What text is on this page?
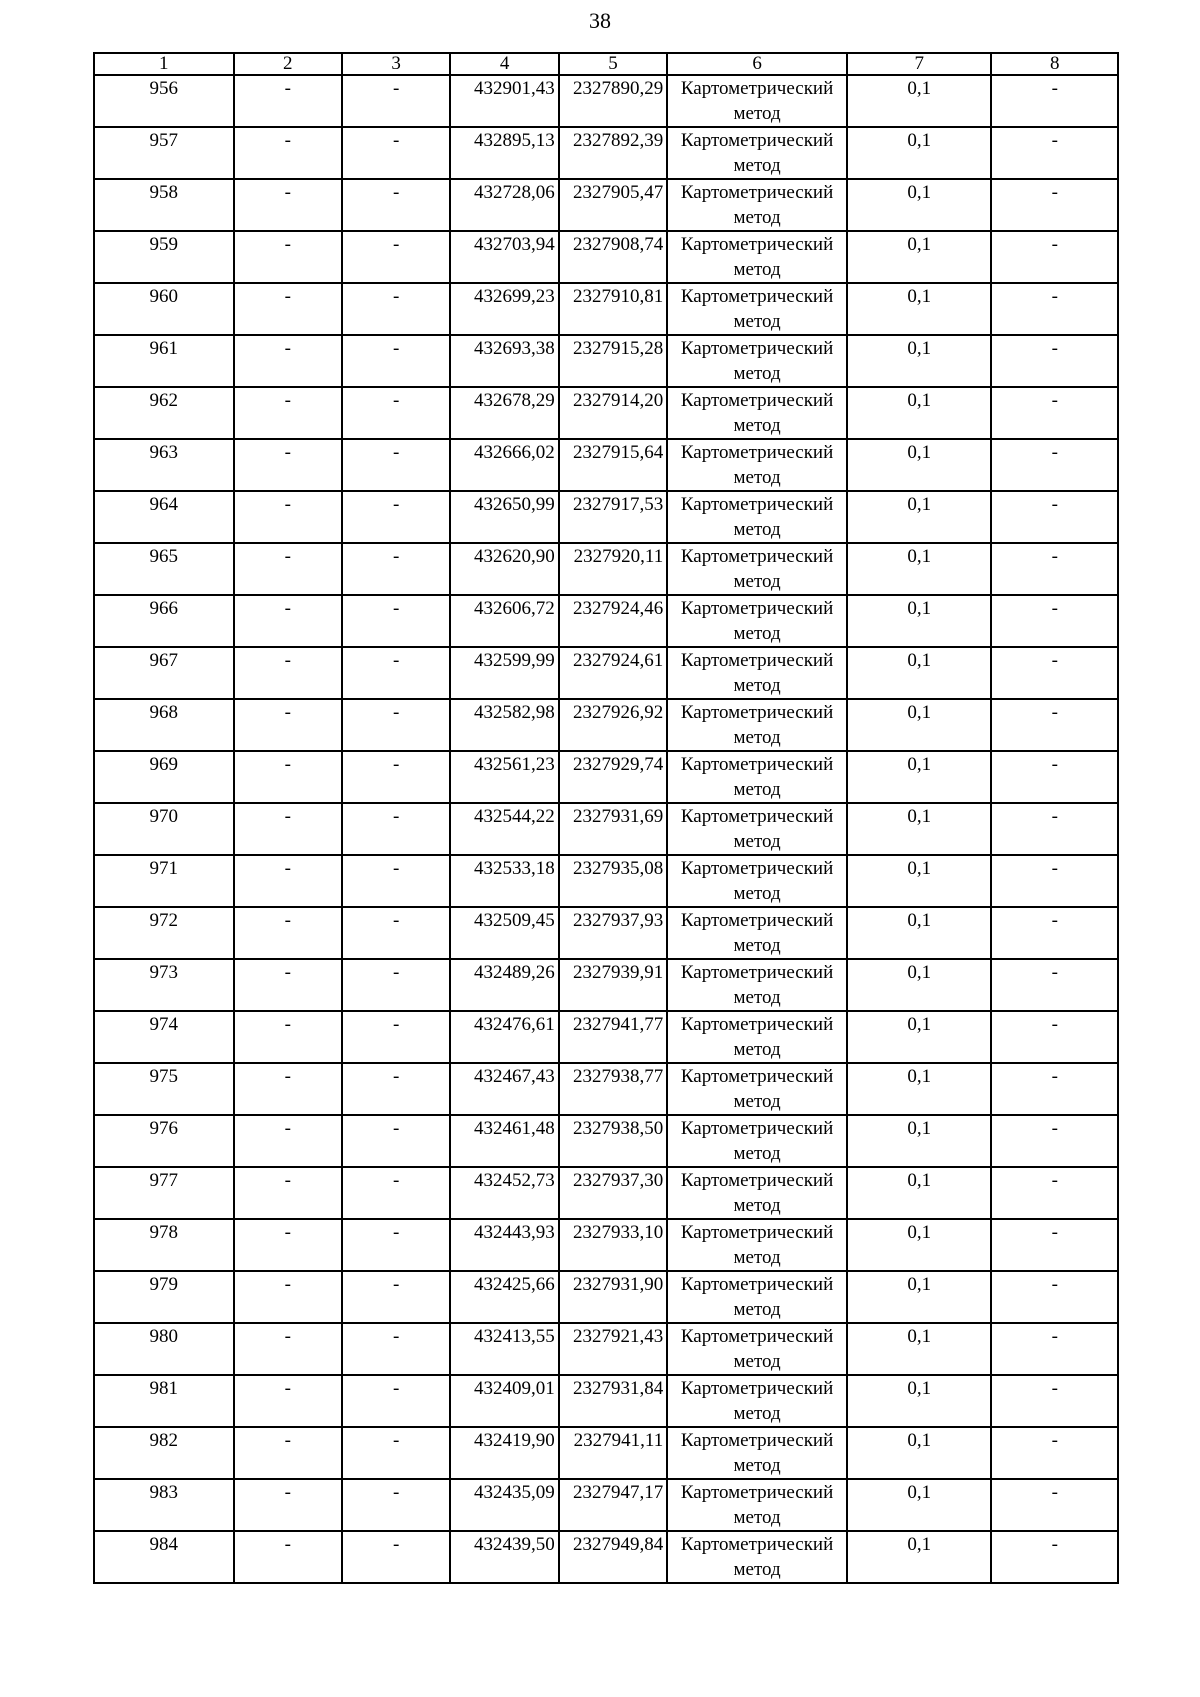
38
1	2	3	4	5	6	7	8
956	-	-	432901,43	2327890,29	Картометрический метод	0,1	-
957	-	-	432895,13	2327892,39	Картометрический метод	0,1	-
958	-	-	432728,06	2327905,47	Картометрический метод	0,1	-
959	-	-	432703,94	2327908,74	Картометрический метод	0,1	-
960	-	-	432699,23	2327910,81	Картометрический метод	0,1	-
961	-	-	432693,38	2327915,28	Картометрический метод	0,1	-
962	-	-	432678,29	2327914,20	Картометрический метод	0,1	-
963	-	-	432666,02	2327915,64	Картометрический метод	0,1	-
964	-	-	432650,99	2327917,53	Картометрический метод	0,1	-
965	-	-	432620,90	2327920,11	Картометрический метод	0,1	-
966	-	-	432606,72	2327924,46	Картометрический метод	0,1	-
967	-	-	432599,99	2327924,61	Картометрический метод	0,1	-
968	-	-	432582,98	2327926,92	Картометрический метод	0,1	-
969	-	-	432561,23	2327929,74	Картометрический метод	0,1	-
970	-	-	432544,22	2327931,69	Картометрический метод	0,1	-
971	-	-	432533,18	2327935,08	Картометрический метод	0,1	-
972	-	-	432509,45	2327937,93	Картометрический метод	0,1	-
973	-	-	432489,26	2327939,91	Картометрический метод	0,1	-
974	-	-	432476,61	2327941,77	Картометрический метод	0,1	-
975	-	-	432467,43	2327938,77	Картометрический метод	0,1	-
976	-	-	432461,48	2327938,50	Картометрический метод	0,1	-
977	-	-	432452,73	2327937,30	Картометрический метод	0,1	-
978	-	-	432443,93	2327933,10	Картометрический метод	0,1	-
979	-	-	432425,66	2327931,90	Картометрический метод	0,1	-
980	-	-	432413,55	2327921,43	Картометрический метод	0,1	-
981	-	-	432409,01	2327931,84	Картометрический метод	0,1	-
982	-	-	432419,90	2327941,11	Картометрический метод	0,1	-
983	-	-	432435,09	2327947,17	Картометрический метод	0,1	-
984	-	-	432439,50	2327949,84	Картометрический метод	0,1	-
